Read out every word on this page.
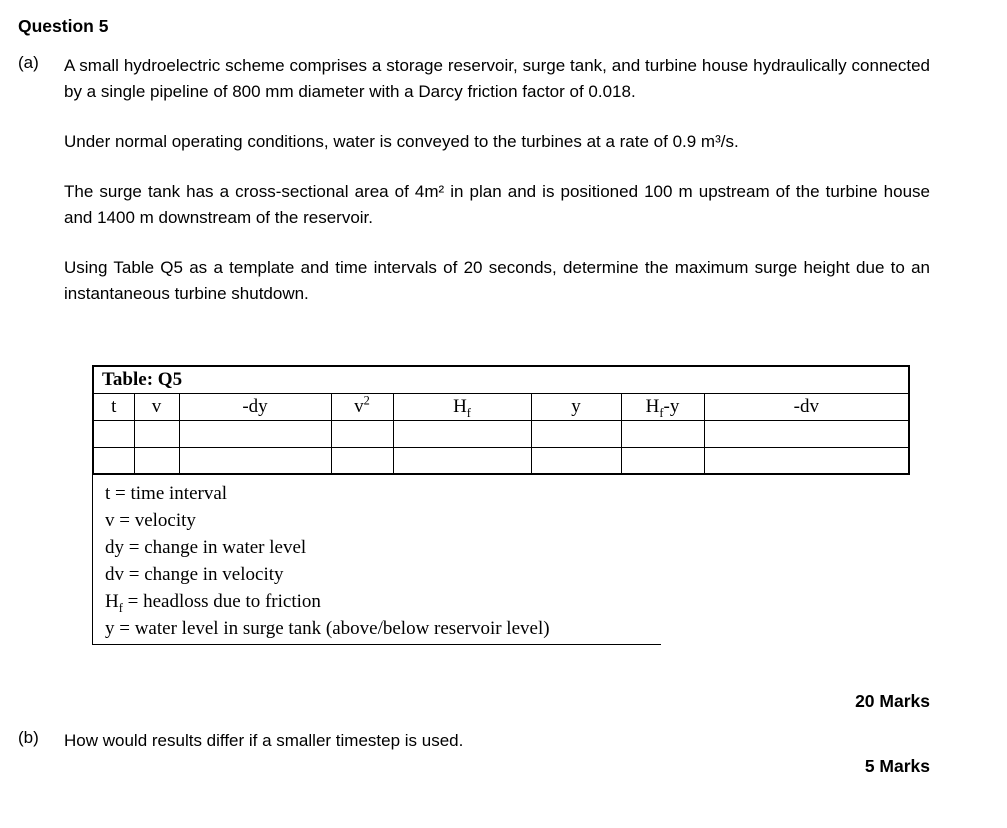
Question 5
(a)	A small hydroelectric scheme comprises a storage reservoir, surge tank, and turbine house hydraulically connected by a single pipeline of 800 mm diameter with a Darcy friction factor of 0.018.

Under normal operating conditions, water is conveyed to the turbines at a rate of 0.9 m³/s.

The surge tank has a cross-sectional area of 4m² in plan and is positioned 100 m upstream of the turbine house and 1400 m downstream of the reservoir.

Using Table Q5 as a template and time intervals of 20 seconds, determine the maximum surge height due to an instantaneous turbine shutdown.

Table: Q5							
t	v	-dy	$v^2$	$H_f$	y	$H_f-y$	-dv

t = time interval
v = velocity
dy = change in water level
dv = change in velocity
$H_f$ = headloss due to friction
y = water level in surge tank (above/below reservoir level)
20 Marks
(b)	How would results differ if a smaller timestep is used.

5 Marks
